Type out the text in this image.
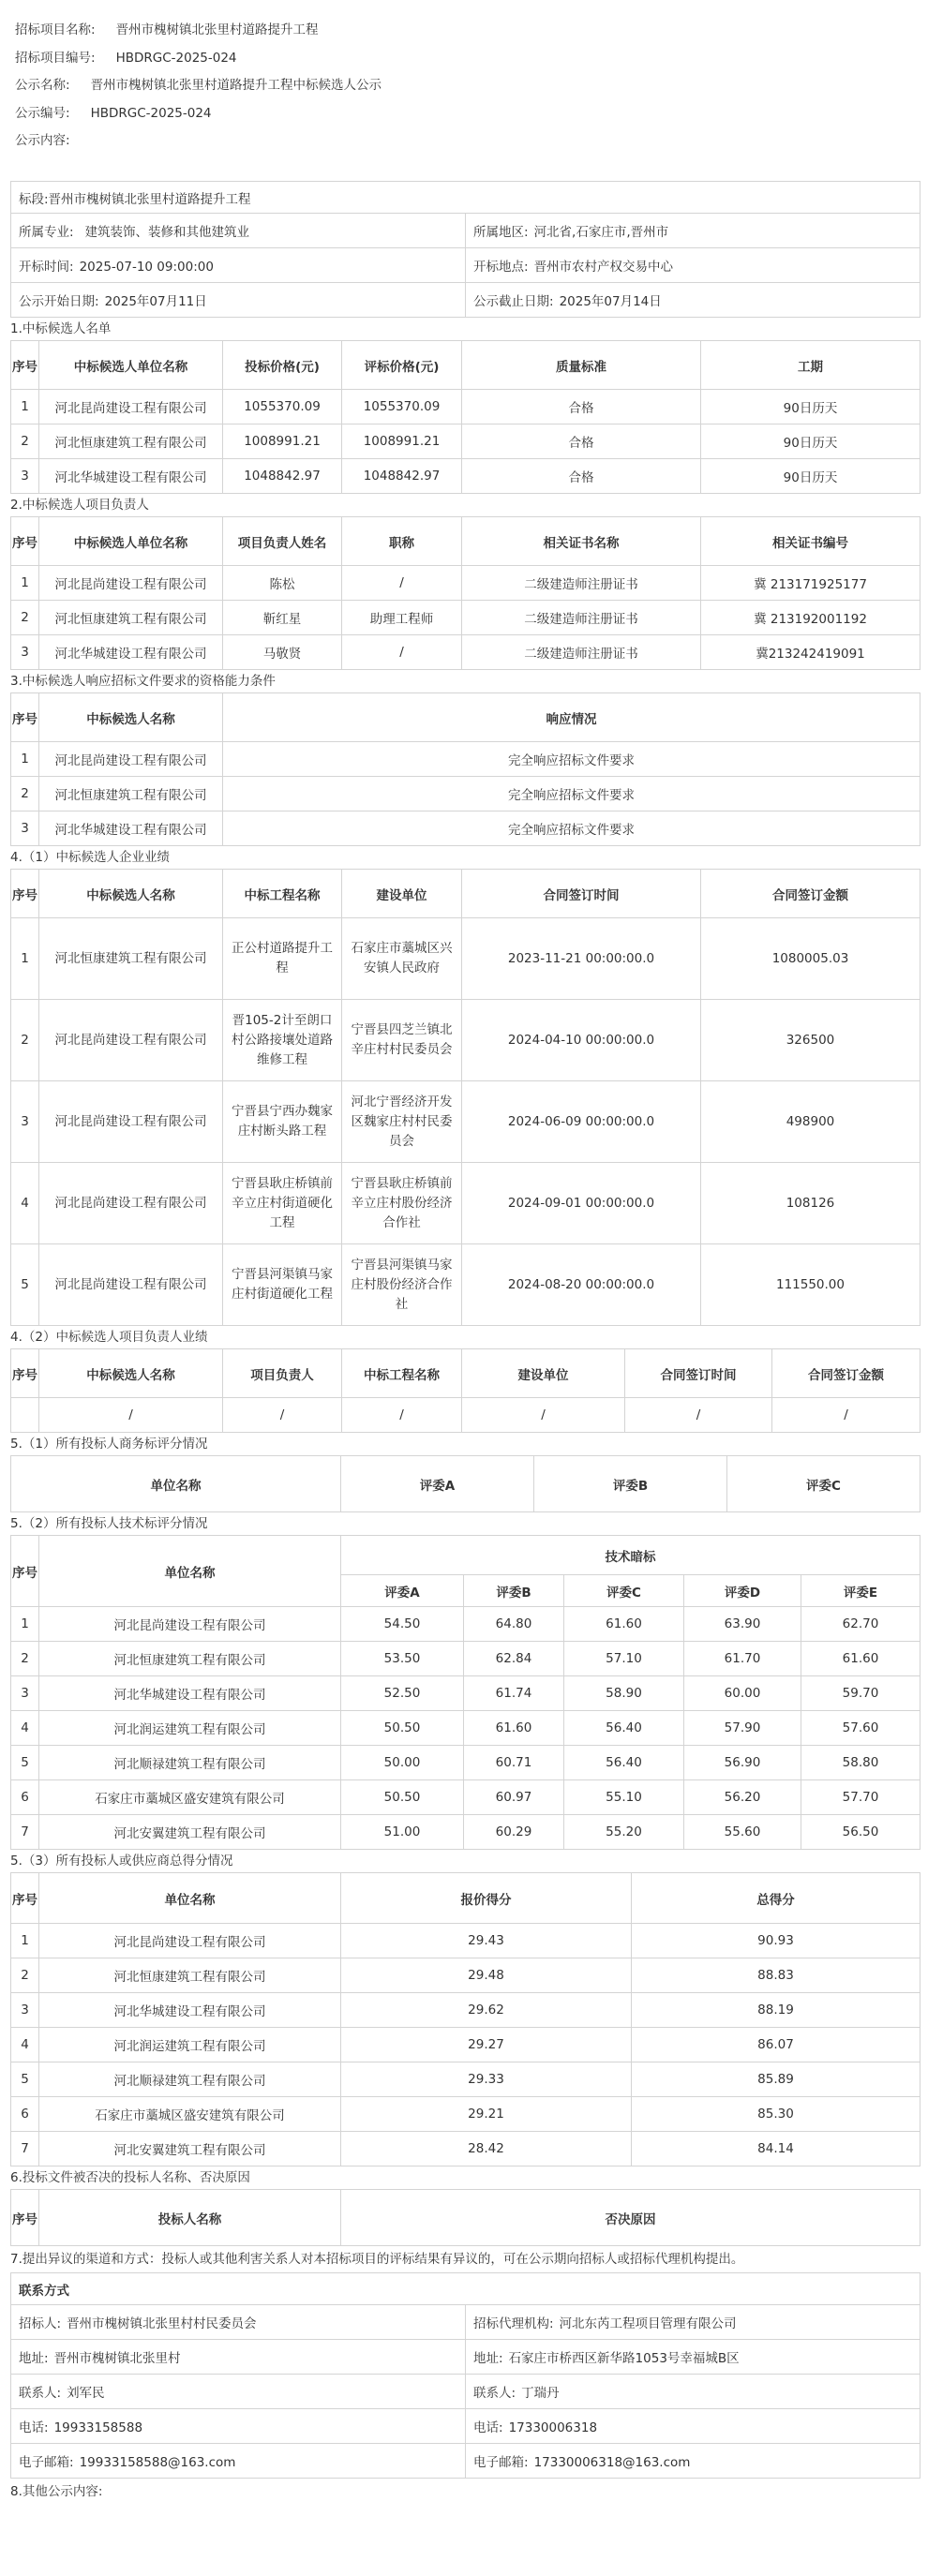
招标项目名称: 晋州市槐树镇北张里村道路提升工程
招标项目编号: HBDRGC-2025-024
公示名称: 晋州市槐树镇北张里村道路提升工程中标候选人公示
公示编号: HBDRGC-2025-024
公示内容:
标段:晋州市槐树镇北张里村道路提升工程	
所属专业: 建筑装饰、装修和其他建筑业	所属地区: 河北省,石家庄市,晋州市
开标时间: 2025-07-10 09:00:00	开标地点: 晋州市农村产权交易中心
公示开始日期: 2025年07月11日	公示截止日期: 2025年07月14日
1.中标候选人名单
序号	中标候选人单位名称	投标价格(元)	评标价格(元)	质量标准	工期
1	河北昆尚建设工程有限公司	1055370.09	1055370.09	合格	90日历天
2	河北恒康建筑工程有限公司	1008991.21	1008991.21	合格	90日历天
3	河北华城建设工程有限公司	1048842.97	1048842.97	合格	90日历天
2.中标候选人项目负责人
序号	中标候选人单位名称	项目负责人姓名	职称	相关证书名称	相关证书编号
1	河北昆尚建设工程有限公司	陈松	/	二级建造师注册证书	冀 213171925177
2	河北恒康建筑工程有限公司	靳红星	助理工程师	二级建造师注册证书	冀 213192001192
3	河北华城建设工程有限公司	马敬贤	/	二级建造师注册证书	冀213242419091
3.中标候选人响应招标文件要求的资格能力条件
序号	中标候选人名称	响应情况
1	河北昆尚建设工程有限公司	完全响应招标文件要求
2	河北恒康建筑工程有限公司	完全响应招标文件要求
3	河北华城建设工程有限公司	完全响应招标文件要求
4.（1）中标候选人企业业绩
序号	中标候选人名称	中标工程名称	建设单位	合同签订时间	合同签订金额
1	河北恒康建筑工程有限公司	正公村道路提升工程	石家庄市藁城区兴安镇人民政府	2023-11-21 00:00:00.0	1080005.03
2	河北昆尚建设工程有限公司	晋105-2计至朗口村公路接壤处道路维修工程	宁晋县四芝兰镇北辛庄村村民委员会	2024-04-10 00:00:00.0	326500
3	河北昆尚建设工程有限公司	宁晋县宁西办魏家庄村断头路工程	河北宁晋经济开发区魏家庄村村民委员会	2024-06-09 00:00:00.0	498900
4	河北昆尚建设工程有限公司	宁晋县耿庄桥镇前辛立庄村街道硬化工程	宁晋县耿庄桥镇前辛立庄村股份经济合作社	2024-09-01 00:00:00.0	108126
5	河北昆尚建设工程有限公司	宁晋县河渠镇马家庄村街道硬化工程	宁晋县河渠镇马家庄村股份经济合作社	2024-08-20 00:00:00.0	111550.00
4.（2）中标候选人项目负责人业绩
序号	中标候选人名称	项目负责人	中标工程名称	建设单位	合同签订时间	合同签订金额
	/	/	/	/	/	/
5.（1）所有投标人商务标评分情况
单位名称	评委A	评委B	评委C
5.（2）所有投标人技术标评分情况
序号	单位名称	技术暗标				
		评委A	评委B	评委C	评委D	评委E
1	河北昆尚建设工程有限公司	54.50	64.80	61.60	63.90	62.70
2	河北恒康建筑工程有限公司	53.50	62.84	57.10	61.70	61.60
3	河北华城建设工程有限公司	52.50	61.74	58.90	60.00	59.70
4	河北润运建筑工程有限公司	50.50	61.60	56.40	57.90	57.60
5	河北顺禄建筑工程有限公司	50.00	60.71	56.40	56.90	58.80
6	石家庄市藁城区盛安建筑有限公司	50.50	60.97	55.10	56.20	57.70
7	河北安翼建筑工程有限公司	51.00	60.29	55.20	55.60	56.50
5.（3）所有投标人或供应商总得分情况
序号	单位名称	报价得分	总得分
1	河北昆尚建设工程有限公司	29.43	90.93
2	河北恒康建筑工程有限公司	29.48	88.83
3	河北华城建设工程有限公司	29.62	88.19
4	河北润运建筑工程有限公司	29.27	86.07
5	河北顺禄建筑工程有限公司	29.33	85.89
6	石家庄市藁城区盛安建筑有限公司	29.21	85.30
7	河北安翼建筑工程有限公司	28.42	84.14
6.投标文件被否决的投标人名称、否决原因
序号	投标人名称	否决原因
7.提出异议的渠道和方式：投标人或其他利害关系人对本招标项目的评标结果有异议的，可在公示期向招标人或招标代理机构提出。
联系方式	
招标人: 晋州市槐树镇北张里村村民委员会	招标代理机构: 河北东芮工程项目管理有限公司
地址: 晋州市槐树镇北张里村	地址: 石家庄市桥西区新华路1053号幸福城B区
联系人: 刘军民	联系人: 丁瑞丹
电话: 19933158588	电话: 17330006318
电子邮箱: 19933158588@163.com	电子邮箱: 17330006318@163.com
8.其他公示内容:
